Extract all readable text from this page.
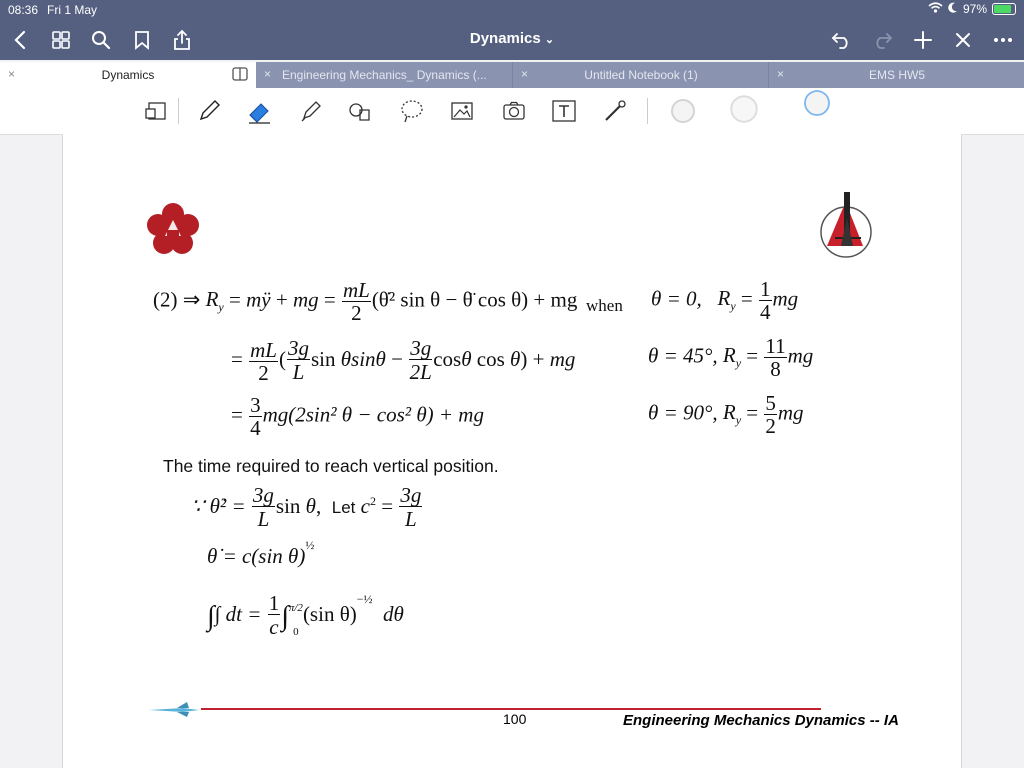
08:36 Fri 1 May	97%
Dynamics ⌄
×	Dynamics	× Engineering Mechanics_ Dynamics (...	×	Untitled Notebook (1)	×	EMS HW5
(2) ⇒ $R_y$ = mÿ + mg = $\frac{mL}{2}$ (θ̇² sin θ − θ̈ cos θ) + mg when θ = 0, $R_y = \frac{1}{4}$ mg
θ = 45°, $R_y = \frac{11}{8}$ mg
θ = 90°, $R_y = \frac{5}{2}$ mg
= $\frac{mL}{2}$ ( $\frac{3g}{L}\sin$ $\theta\sin\theta - \frac{3g}{2L}\cos\theta$ cos θ) + mg
= $\frac{3}{4} mg(2\sin^2$ θ − cos² θ) + mg
The time required to reach vertical position.
∵ θ̇² = $\frac{3g}{L}\sin$ θ,  Let $c^2 = \frac{3g}{L}$
θ̇ = c(sin θ)$^{\frac{1}{2}}$
∫∫ dt = $\frac{1}{c}\int$ π/2
0
(sin θ)$^{-\frac{1}{2}}$  dθ
100	Engineering Mechanics Dynamics -- IA
